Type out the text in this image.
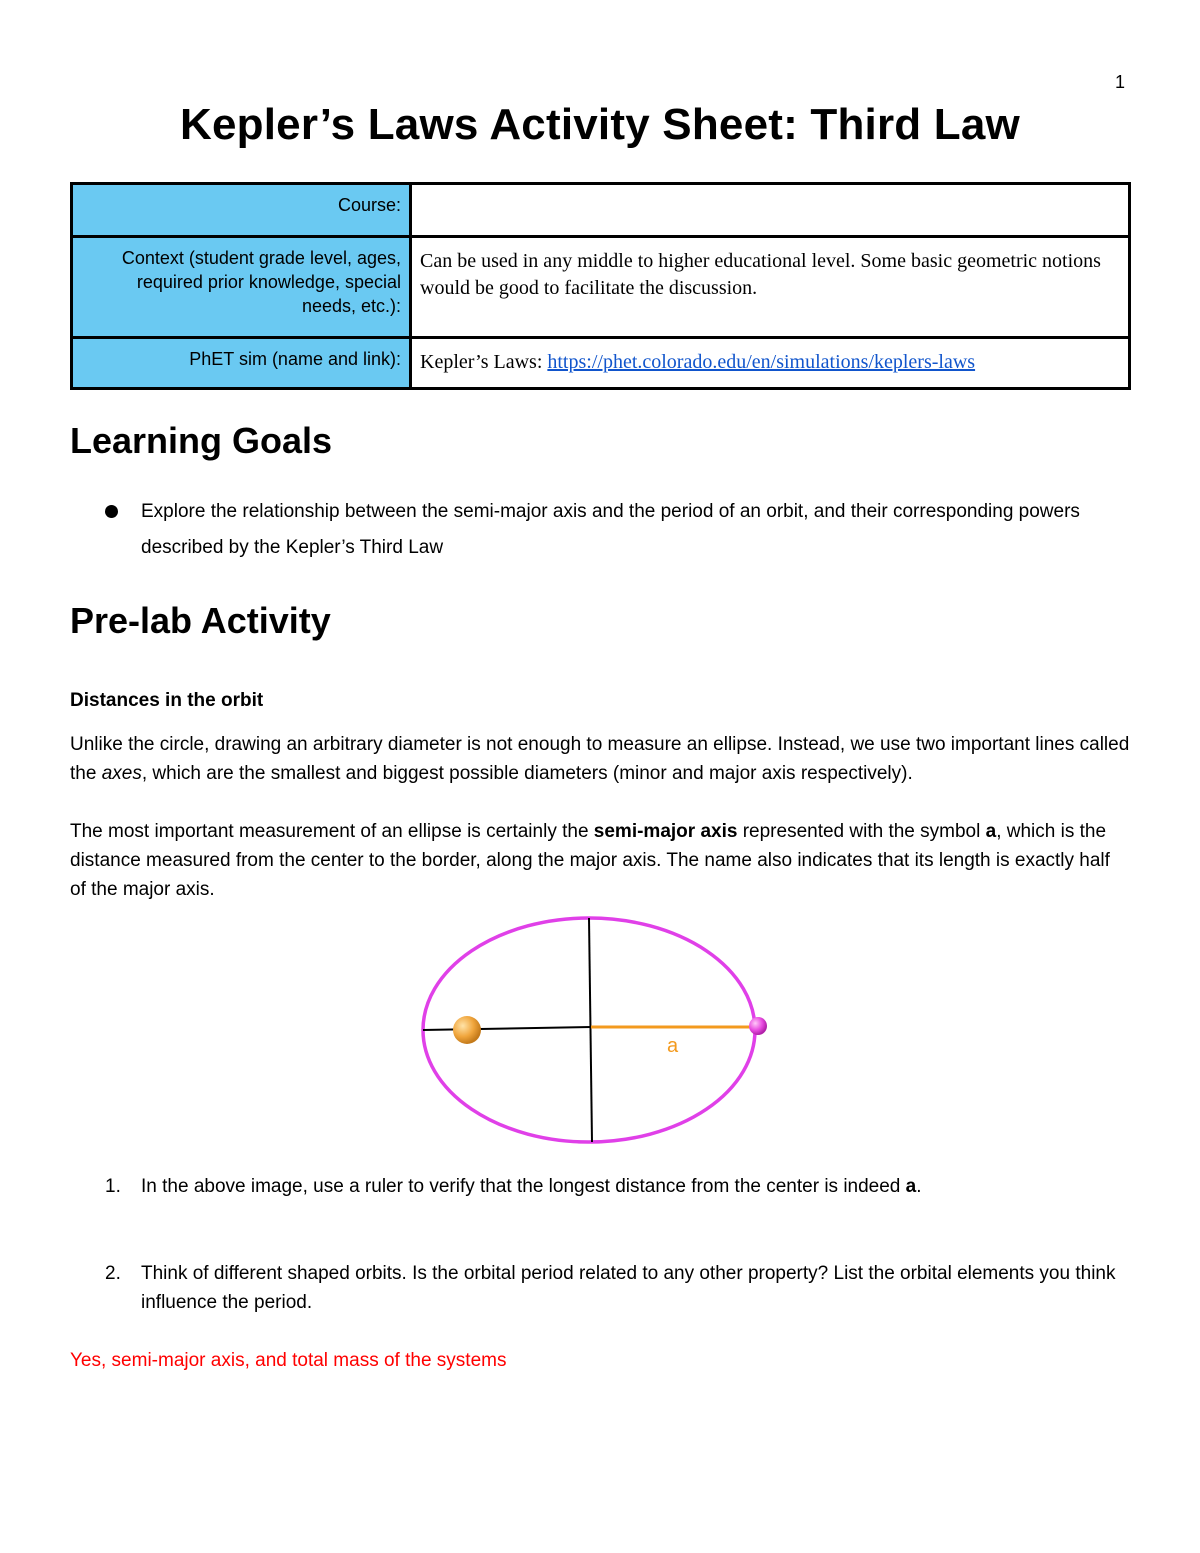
1
Kepler’s Laws Activity Sheet: Third Law
Course:	
Context (student grade level, ages, required prior knowledge, special needs, etc.):	Can be used in any middle to higher educational level. Some basic geometric notions would be good to facilitate the discussion.
PhET sim (name and link):	Kepler’s Laws: https://phet.colorado.edu/en/simulations/keplers-laws
Learning Goals
Explore the relationship between the semi-major axis and the period of an orbit, and their corresponding powers described by the Kepler’s Third Law
Pre-lab Activity
Distances in the orbit

Unlike the circle, drawing an arbitrary diameter is not enough to measure an ellipse. Instead, we use two important lines called the axes, which are the smallest and biggest possible diameters (minor and major axis respectively).

The most important measurement of an ellipse is certainly the semi-major axis represented with the symbol a, which is the distance measured from the center to the border, along the major axis. The name also indicates that its length is exactly half of the major axis.

a
1. In the above image, use a ruler to verify that the longest distance from the center is indeed a.
2. Think of different shaped orbits. Is the orbital period related to any other property? List the orbital elements you think influence the period.
Yes, semi-major axis, and total mass of the systems
